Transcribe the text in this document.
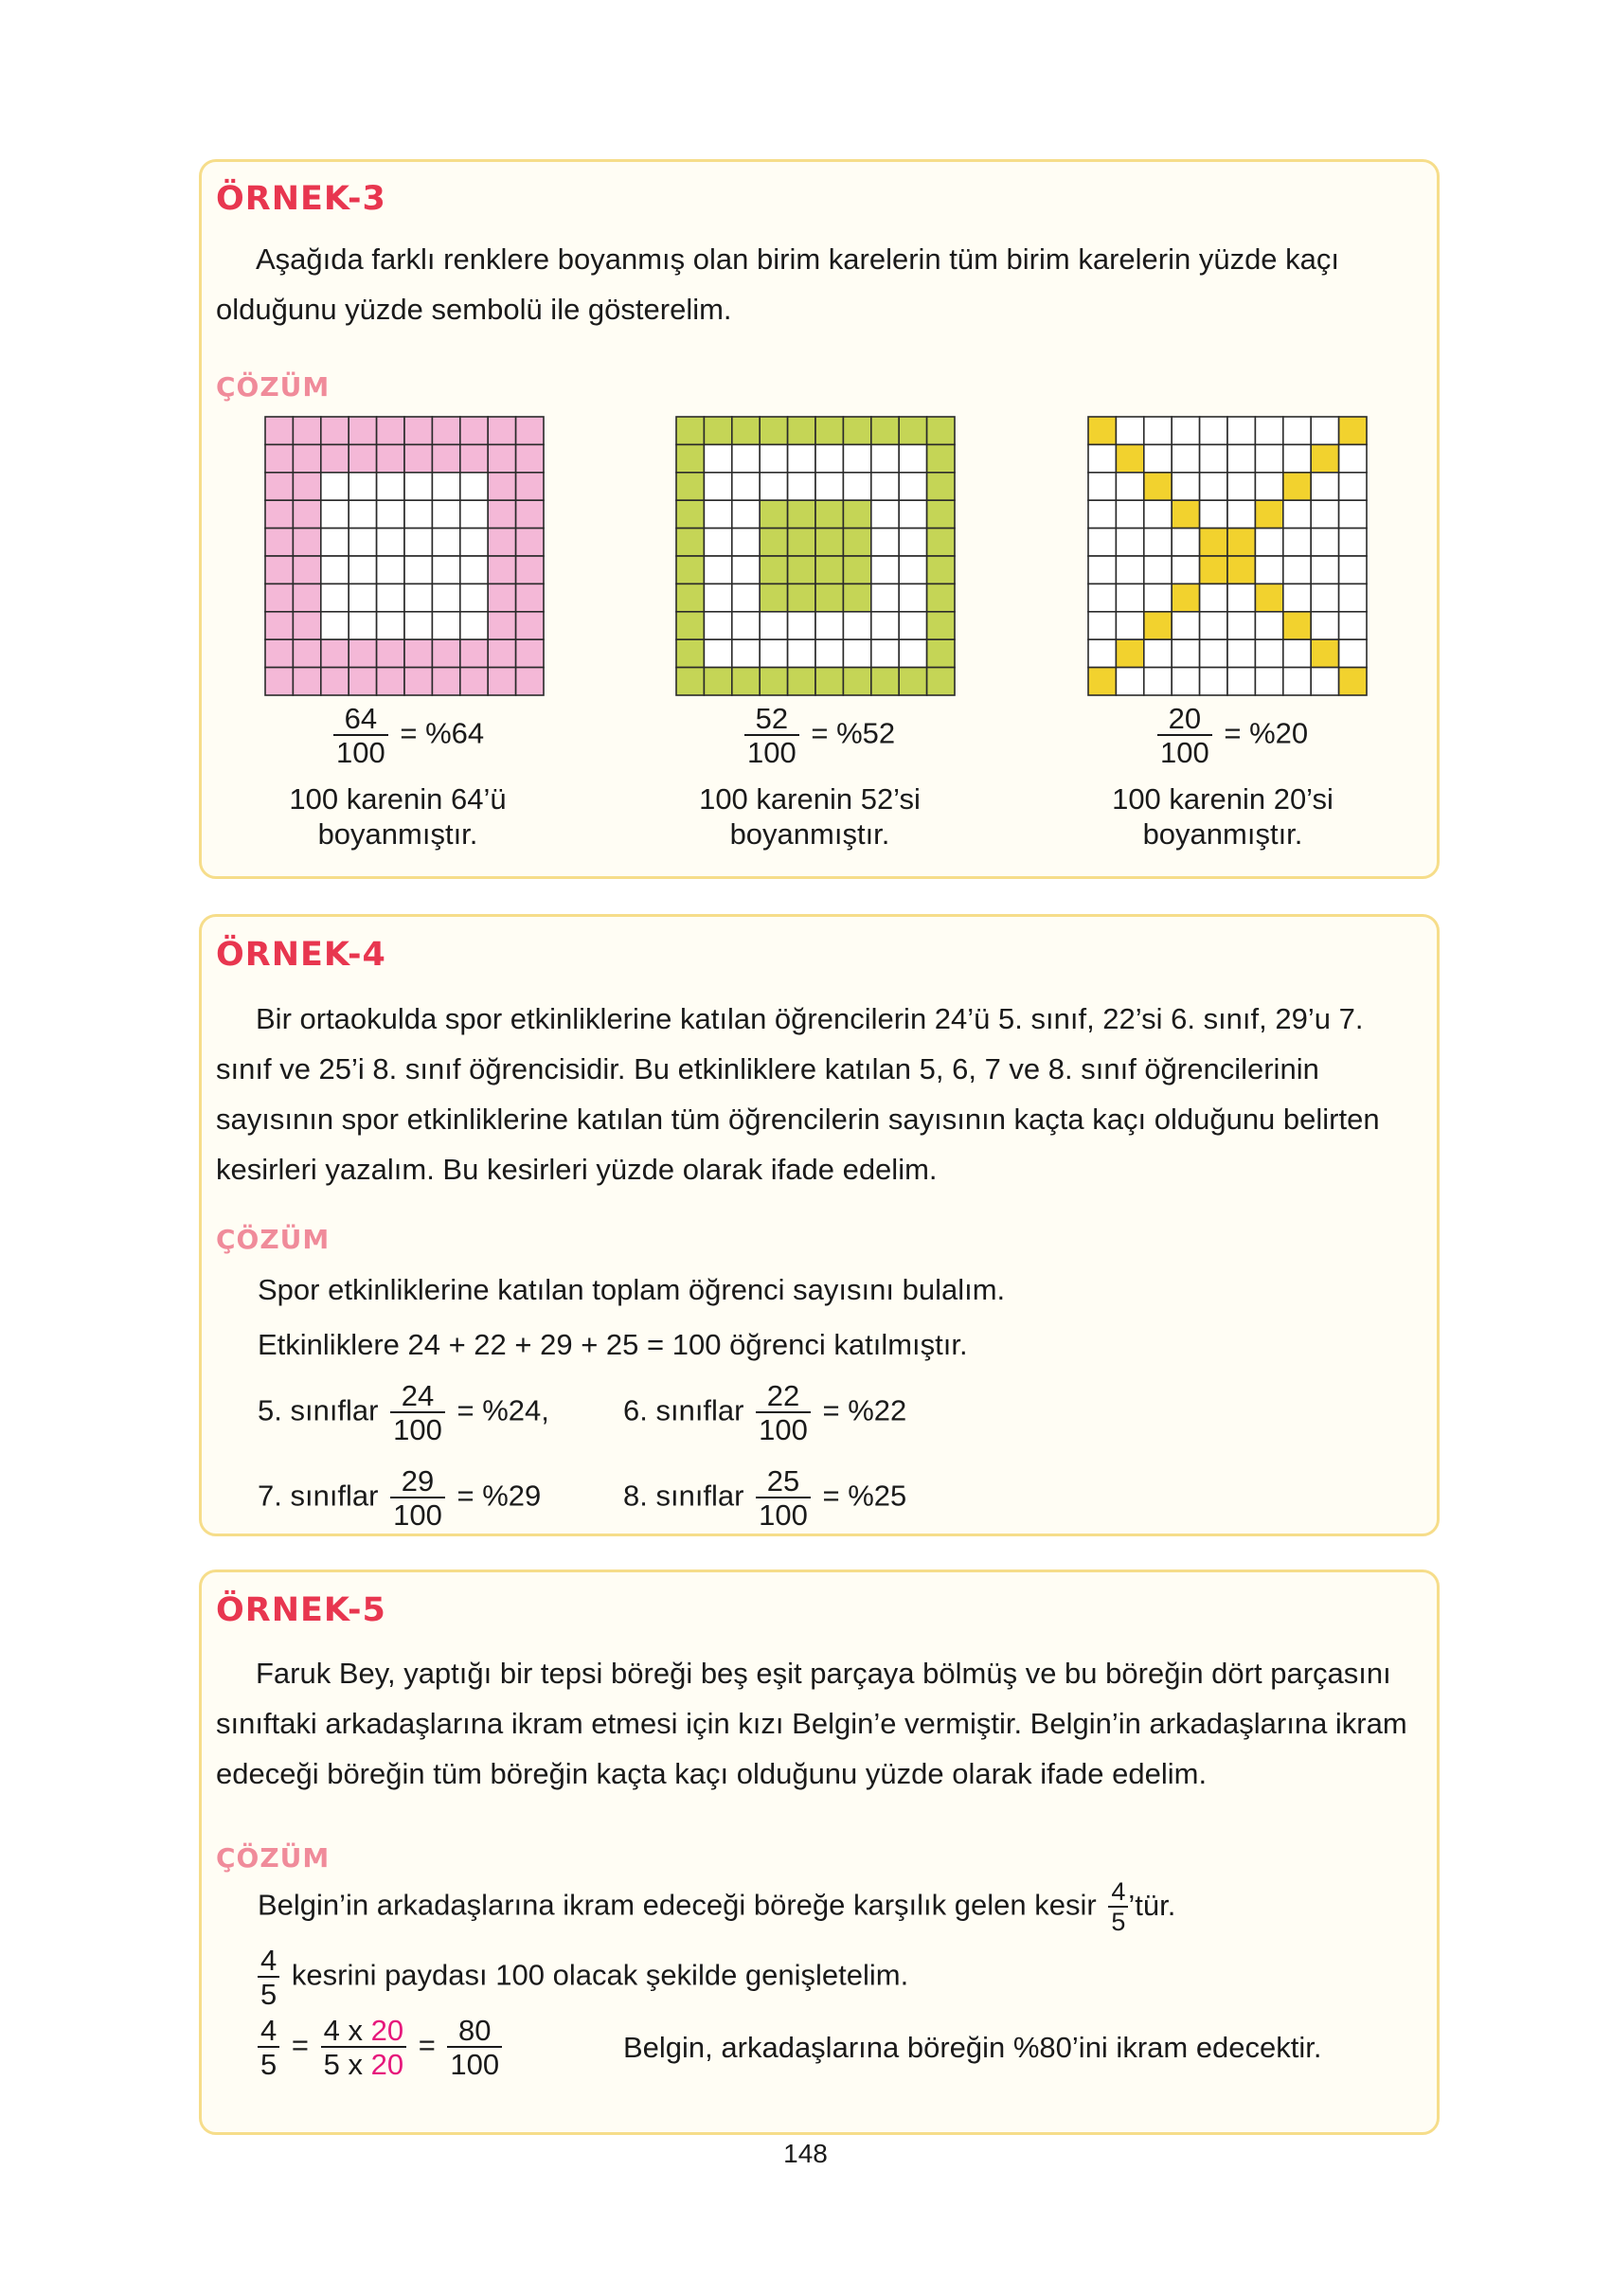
ÖRNEK-3

Aşağıda farklı renklere boyanmış olan birim karelerin tüm birim karelerin yüzde kaçı olduğunu yüzde sembolü ile gösterelim.

ÇÖZÜM
$\frac{64}{100} = \%64$
100 karenin 64’ü
boyanmıştır.
$\frac{52}{100} = \%52$
100 karenin 52’si
boyanmıştır.
$\frac{20}{100} = \%20$
100 karenin 20’si
boyanmıştır.
ÖRNEK-4

Bir ortaokulda spor etkinliklerine katılan öğrencilerin 24’ü 5. sınıf, 22’si 6. sınıf, 29’u 7. sınıf ve 25’i 8. sınıf öğrencisidir. Bu etkinliklere katılan 5, 6, 7 ve 8. sınıf öğrencilerinin sayısının spor etkinliklerine katılan tüm öğrencilerin sayısının kaçta kaçı olduğunu belirten kesirleri yazalım. Bu kesirleri yüzde olarak ifade edelim.

ÇÖZÜM
Spor etkinliklerine katılan toplam öğrenci sayısını bulalım.
Etkinliklere 24 + 22 + 29 + 25 = 100 öğrenci katılmıştır.
5. sınıflar $\frac{24}{100} = \%24$,	6. sınıflar $\frac{22}{100} = \%22$
7. sınıflar $\frac{29}{100} = \%29$	8. sınıflar $\frac{25}{100} = \%25$
ÖRNEK-5

Faruk Bey, yaptığı bir tepsi böreği beş eşit parçaya bölmüş ve bu böreğin dört parçasını sınıftaki arkadaşlarına ikram etmesi için kızı Belgin’e vermiştir. Belgin’in arkadaşlarına ikram edeceği böreğin tüm böreğin kaçta kaçı olduğunu yüzde olarak ifade edelim.

ÇÖZÜM
Belgin’in arkadaşlarına ikram edeceği böreğe karşılık gelen kesir $\frac{4}{5}$ ’tür.
$\frac{4}{5}$ kesrini paydası 100 olacak şekilde genişletelim.
$\frac{4}{5} = \frac{4 x 20}{5 x 20} = \frac{80}{100}$	Belgin, arkadaşlarına böreğin %80’ini ikram edecektir.
148
